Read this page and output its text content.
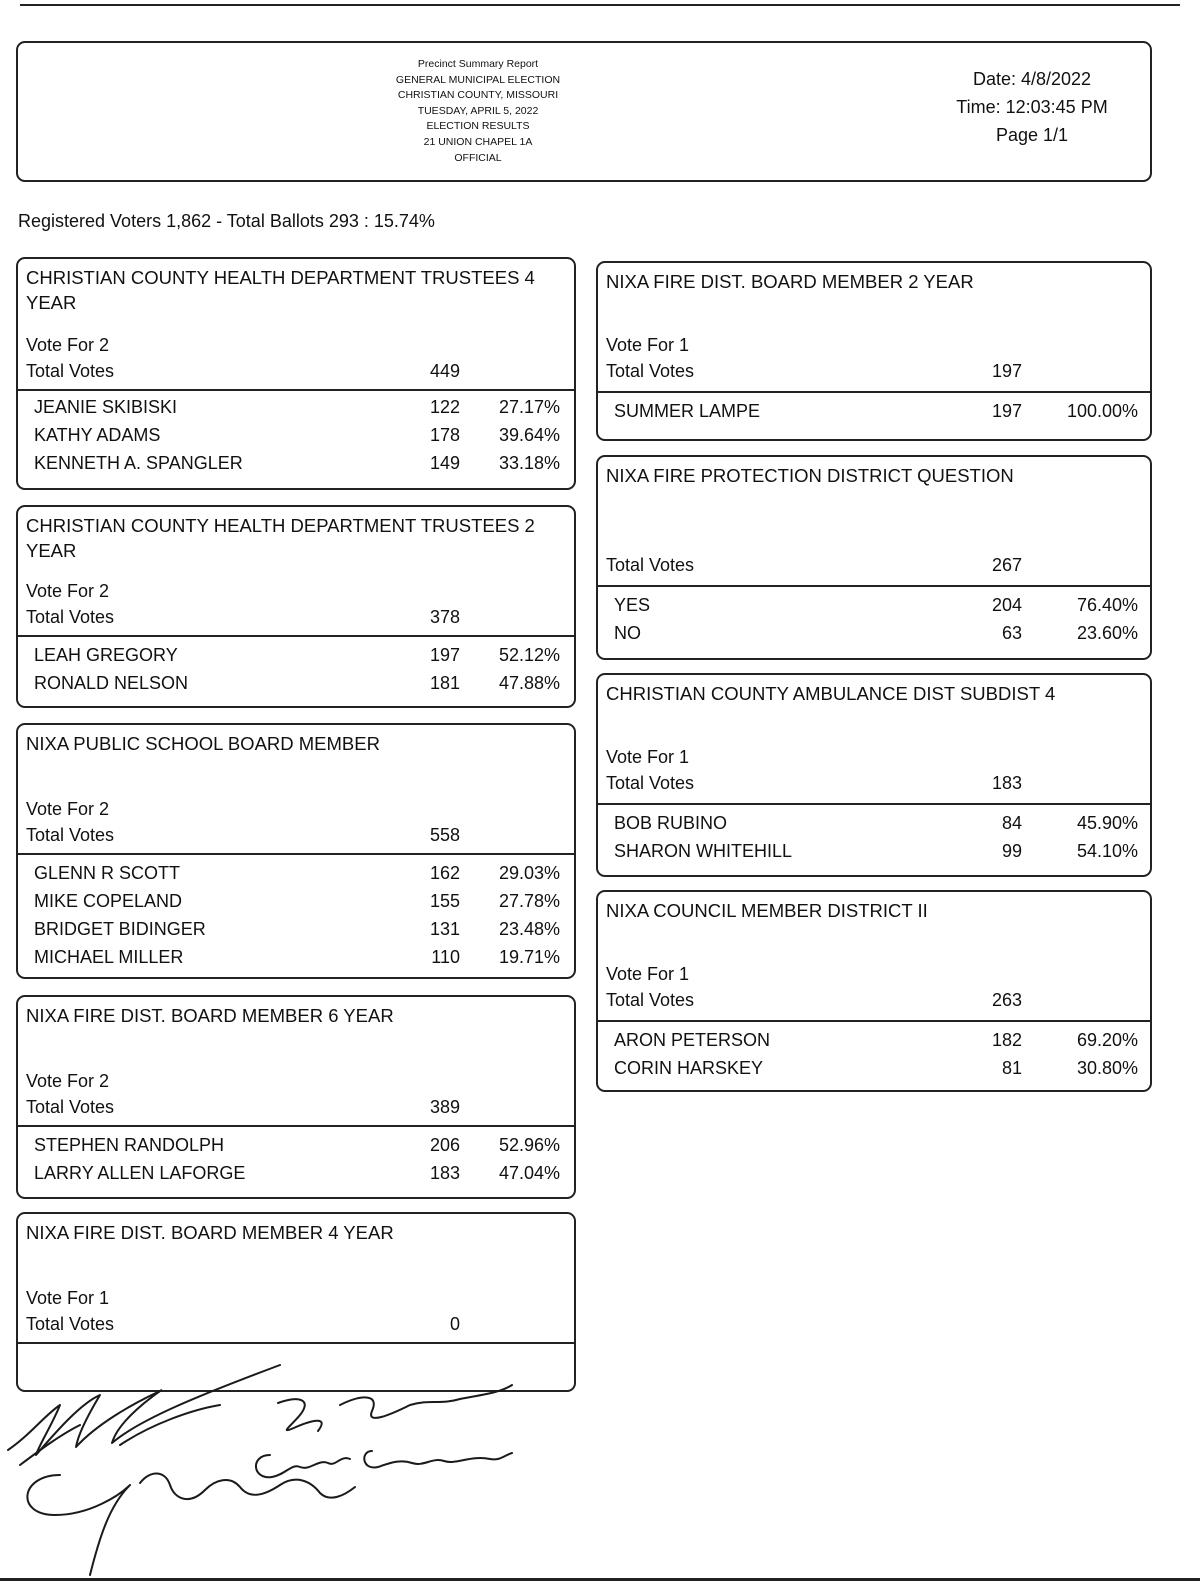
Precinct Summary Report
GENERAL MUNICIPAL ELECTION
CHRISTIAN COUNTY, MISSOURI
TUESDAY, APRIL 5, 2022
ELECTION RESULTS
21 UNION CHAPEL 1A
OFFICIAL
Date: 4/8/2022
Time: 12:03:45 PM
Page 1/1
Registered Voters 1,862 - Total Ballots 293 : 15.74%
CHRISTIAN COUNTY HEALTH DEPARTMENT TRUSTEES 4 YEAR
Vote For 2
Total Votes	449
JEANIE SKIBISKI	122	27.17%
KATHY ADAMS	178	39.64%
KENNETH A. SPANGLER	149	33.18%
CHRISTIAN COUNTY HEALTH DEPARTMENT TRUSTEES 2 YEAR
Vote For 2
Total Votes	378
LEAH GREGORY	197	52.12%
RONALD NELSON	181	47.88%
NIXA PUBLIC SCHOOL BOARD MEMBER
Vote For 2
Total Votes	558
GLENN R SCOTT	162	29.03%
MIKE COPELAND	155	27.78%
BRIDGET BIDINGER	131	23.48%
MICHAEL MILLER	110	19.71%
NIXA FIRE DIST. BOARD MEMBER 6 YEAR
Vote For 2
Total Votes	389
STEPHEN RANDOLPH	206	52.96%
LARRY ALLEN LAFORGE	183	47.04%
NIXA FIRE DIST. BOARD MEMBER 4 YEAR
Vote For 1
Total Votes	0
NIXA FIRE DIST. BOARD MEMBER 2 YEAR
Vote For 1
Total Votes	197
SUMMER LAMPE	197	100.00%
NIXA FIRE PROTECTION DISTRICT QUESTION
Total Votes	267
YES	204	76.40%
NO	63	23.60%
CHRISTIAN COUNTY AMBULANCE DIST SUBDIST 4
Vote For 1
Total Votes	183
BOB RUBINO	84	45.90%
SHARON WHITEHILL	99	54.10%
NIXA COUNCIL MEMBER DISTRICT II
Vote For 1
Total Votes	263
ARON PETERSON	182	69.20%
CORIN HARSKEY	81	30.80%
